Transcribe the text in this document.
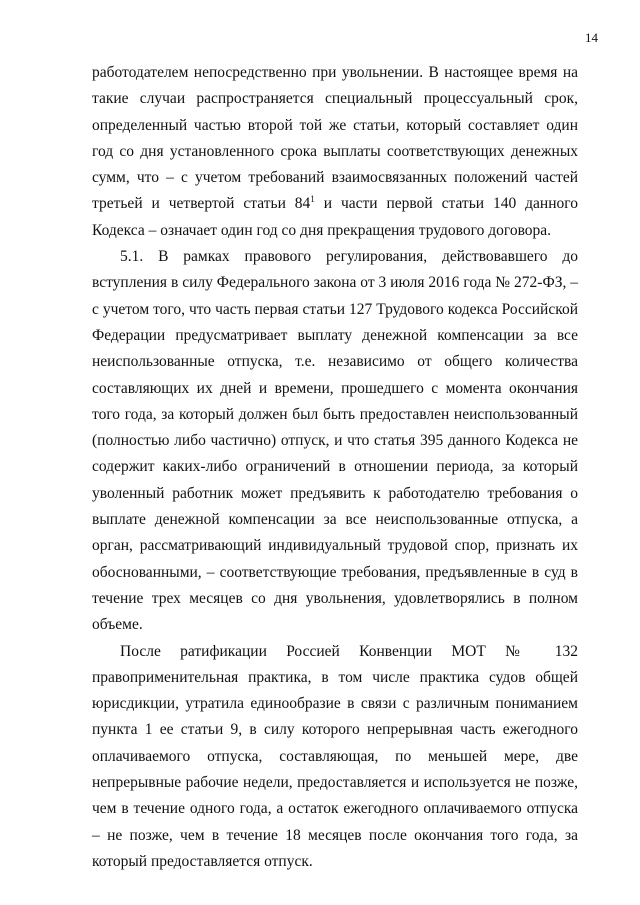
14

работодателем непосредственно при увольнении. В настоящее время на такие случаи распространяется специальный процессуальный срок, определенный частью второй той же статьи, который составляет один год со дня установленного срока выплаты соответствующих денежных сумм, что – с учетом требований взаимосвязанных положений частей третьей и четвертой статьи $84^1$ и части первой статьи 140 данного Кодекса – означает один год со дня прекращения трудового договора.

5.1. В рамках правового регулирования, действовавшего до вступления в силу Федерального закона от 3 июля 2016 года № 272-ФЗ, – с учетом того, что часть первая статьи 127 Трудового кодекса Российской Федерации предусматривает выплату денежной компенсации за все неиспользованные отпуска, т.е. независимо от общего количества составляющих их дней и времени, прошедшего с момента окончания того года, за который должен был быть предоставлен неиспользованный (полностью либо частично) отпуск, и что статья 395 данного Кодекса не содержит каких-либо ограничений в отношении периода, за который уволенный работник может предъявить к работодателю требования о выплате денежной компенсации за все неиспользованные отпуска, а орган, рассматривающий индивидуальный трудовой спор, признать их обоснованными, – соответствующие требования, предъявленные в суд в течение трех месяцев со дня увольнения, удовлетворялись в полном объеме.

После ратификации Россией Конвенции МОТ № 132 правоприменительная практика, в том числе практика судов общей юрисдикции, утратила единообразие в связи с различным пониманием пункта 1 ее статьи 9, в силу которого непрерывная часть ежегодного оплачиваемого отпуска, составляющая, по меньшей мере, две непрерывные рабочие недели, предоставляется и используется не позже, чем в течение одного года, а остаток ежегодного оплачиваемого отпуска – не позже, чем в течение 18 месяцев после окончания того года, за который предоставляется отпуск.
